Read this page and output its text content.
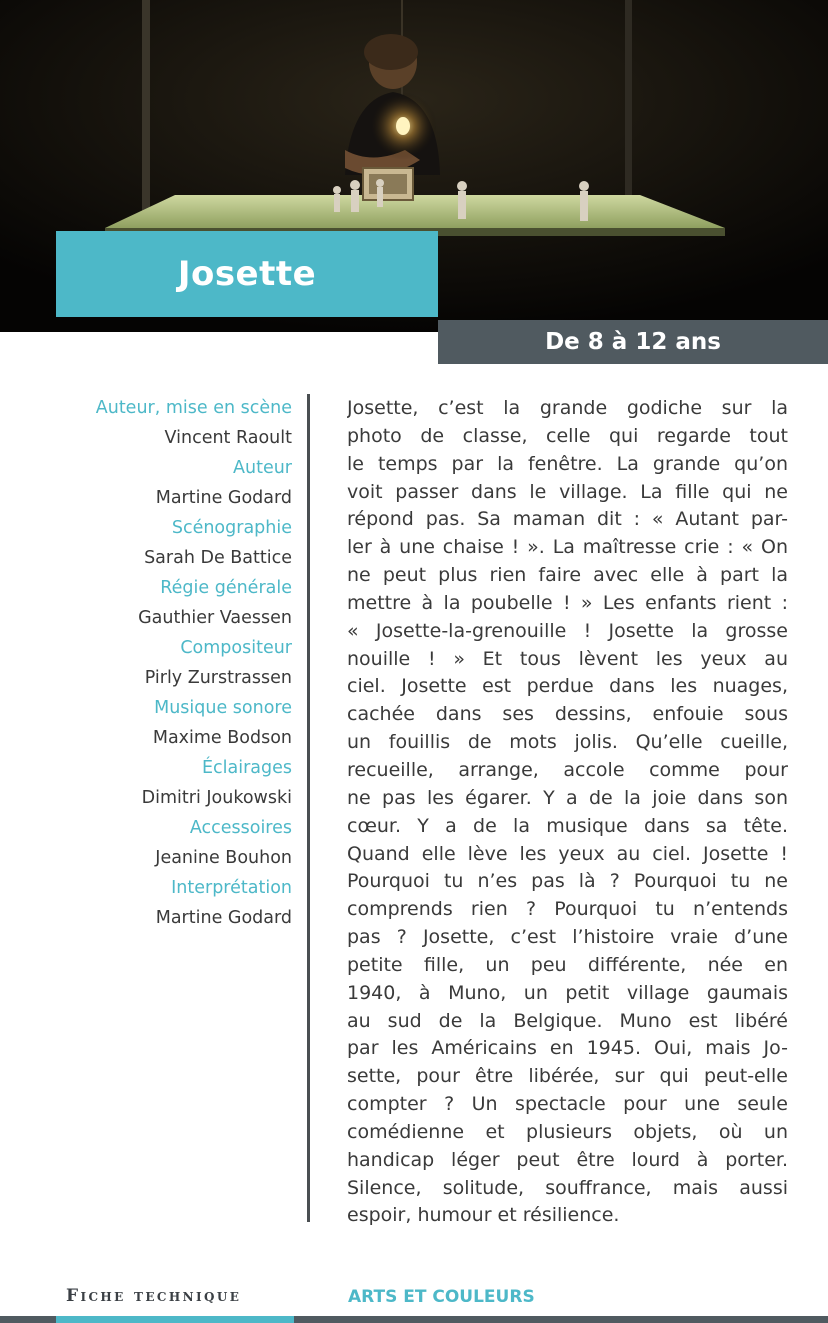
Josette
De 8 à 12 ans
Auteur, mise en scène
Vincent Raoult
Auteur
Martine Godard
Scénographie
Sarah De Battice
Régie générale
Gauthier Vaessen
Compositeur
Pirly Zurstrassen
Musique sonore
Maxime Bodson
Éclairages
Dimitri Joukowski
Accessoires
Jeanine Bouhon
Interprétation
Martine Godard
Josette, c’est la grande godiche sur la
photo de classe, celle qui regarde tout
le temps par la fenêtre. La grande qu’on
voit passer dans le village. La fille qui ne
répond pas. Sa maman dit : « Autant par-
ler à une chaise ! ». La maîtresse crie : « On
ne peut plus rien faire avec elle à part la
mettre à la poubelle ! » Les enfants rient :
« Josette-la-grenouille ! Josette la grosse
nouille ! » Et tous lèvent les yeux au
ciel. Josette est perdue dans les nuages,
cachée dans ses dessins, enfouie sous
un fouillis de mots jolis. Qu’elle cueille,
recueille, arrange, accole comme pour
ne pas les égarer. Y a de la joie dans son
cœur. Y a de la musique dans sa tête.
Quand elle lève les yeux au ciel. Josette !
Pourquoi tu n’es pas là ? Pourquoi tu ne
comprends rien ? Pourquoi tu n’entends
pas ? Josette, c’est l’histoire vraie d’une
petite fille, un peu différente, née en
1940, à Muno, un petit village gaumais
au sud de la Belgique. Muno est libéré
par les Américains en 1945. Oui, mais Jo-
sette, pour être libérée, sur qui peut-elle
compter ? Un spectacle pour une seule
comédienne et plusieurs objets, où un
handicap léger peut être lourd à porter.
Silence, solitude, souffrance, mais aussi
espoir, humour et résilience.
Fiche technique	ARTS ET COULEURS
